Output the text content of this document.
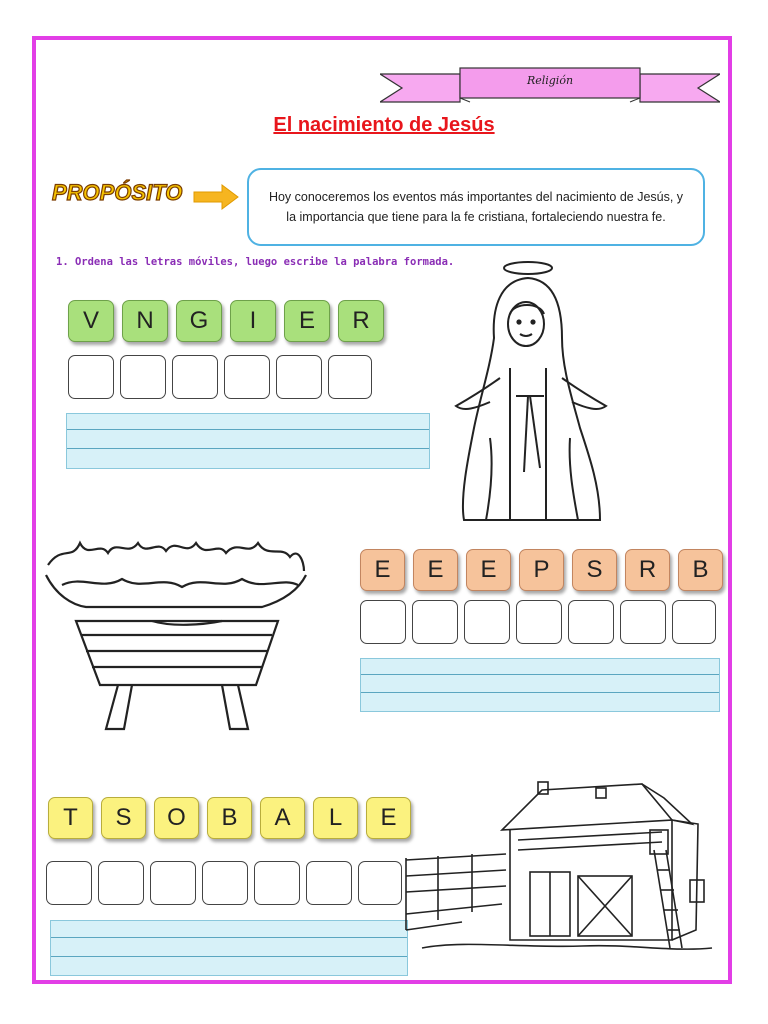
Religión
El nacimiento de Jesús
PROPÓSITO	Hoy conoceremos los eventos más importantes del nacimiento de Jesús, y la importancia que tiene para la fe cristiana, fortaleciendo nuestra fe.
1. Ordena las letras móviles, luego escribe la palabra formada.
V	N	G	I	E	R
E	E	E	P	S	R	B
T	S	O	B	A	L	E
